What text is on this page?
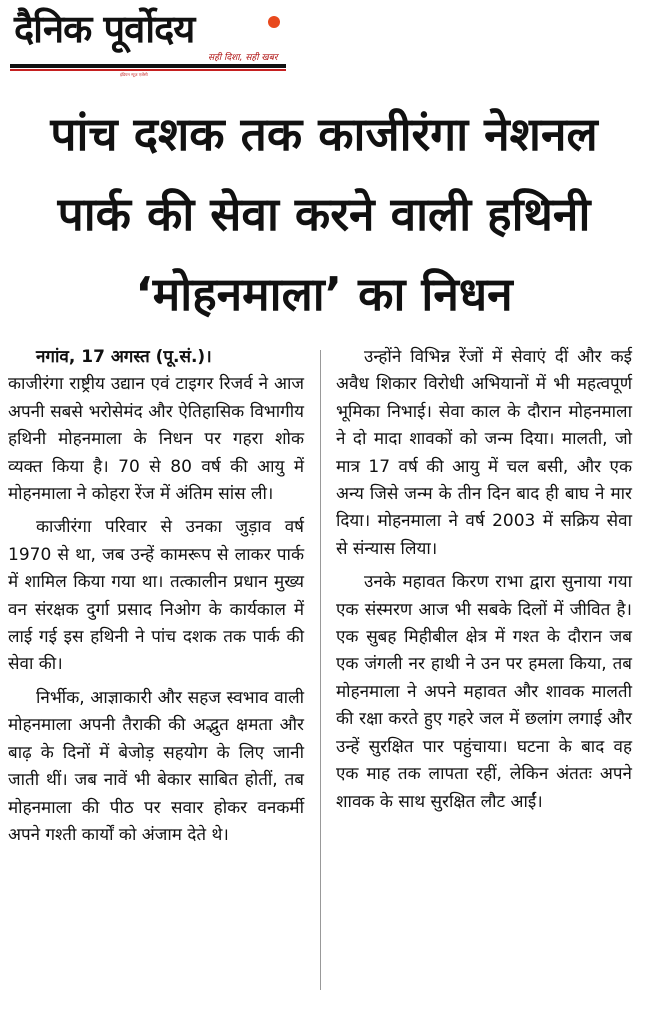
दैनिक पूर्वोदय
सही दिशा, सही खबर
इंडियन न्यूज़ एजेंसी
पांच दशक तक काजीरंगा नेशनल
पार्क की सेवा करने वाली हथिनी
‘मोहनमाला’ का निधन

नगांव, 17 अगस्त (पू.सं.)।

काजीरंगा राष्ट्रीय उद्यान एवं टाइगर रिजर्व ने आज अपनी सबसे भरोसेमंद और ऐतिहासिक विभागीय हथिनी मोहनमाला के निधन पर गहरा शोक व्यक्त किया है। 70 से 80 वर्ष की आयु में मोहनमाला ने कोहरा रेंज में अंतिम सांस ली।

काजीरंगा परिवार से उनका जुड़ाव वर्ष 1970 से था, जब उन्हें कामरूप से लाकर पार्क में शामिल किया गया था। तत्कालीन प्रधान मुख्य वन संरक्षक दुर्गा प्रसाद निओग के कार्यकाल में लाई गई इस हथिनी ने पांच दशक तक पार्क की सेवा की।

निर्भीक, आज्ञाकारी और सहज स्वभाव वाली मोहनमाला अपनी तैराकी की अद्भुत क्षमता और बाढ़ के दिनों में बेजोड़ सहयोग के लिए जानी जाती थीं। जब नावें भी बेकार साबित होतीं, तब मोहनमाला की पीठ पर सवार होकर वनकर्मी अपने गश्ती कार्यों को अंजाम देते थे।

उन्होंने विभिन्न रेंजों में सेवाएं दीं और कई अवैध शिकार विरोधी अभियानों में भी महत्वपूर्ण भूमिका निभाई। सेवा काल के दौरान मोहनमाला ने दो मादा शावकों को जन्म दिया। मालती, जो मात्र 17 वर्ष की आयु में चल बसी, और एक अन्य जिसे जन्म के तीन दिन बाद ही बाघ ने मार दिया। मोहनमाला ने वर्ष 2003 में सक्रिय सेवा से संन्यास लिया।

उनके महावत किरण राभा द्वारा सुनाया गया एक संस्मरण आज भी सबके दिलों में जीवित है। एक सुबह मिहीबील क्षेत्र में गश्त के दौरान जब एक जंगली नर हाथी ने उन पर हमला किया, तब मोहनमाला ने अपने महावत और शावक मालती की रक्षा करते हुए गहरे जल में छलांग लगाई और उन्हें सुरक्षित पार पहुंचाया। घटना के बाद वह एक माह तक लापता रहीं, लेकिन अंततः अपने शावक के साथ सुरक्षित लौट आईं।
